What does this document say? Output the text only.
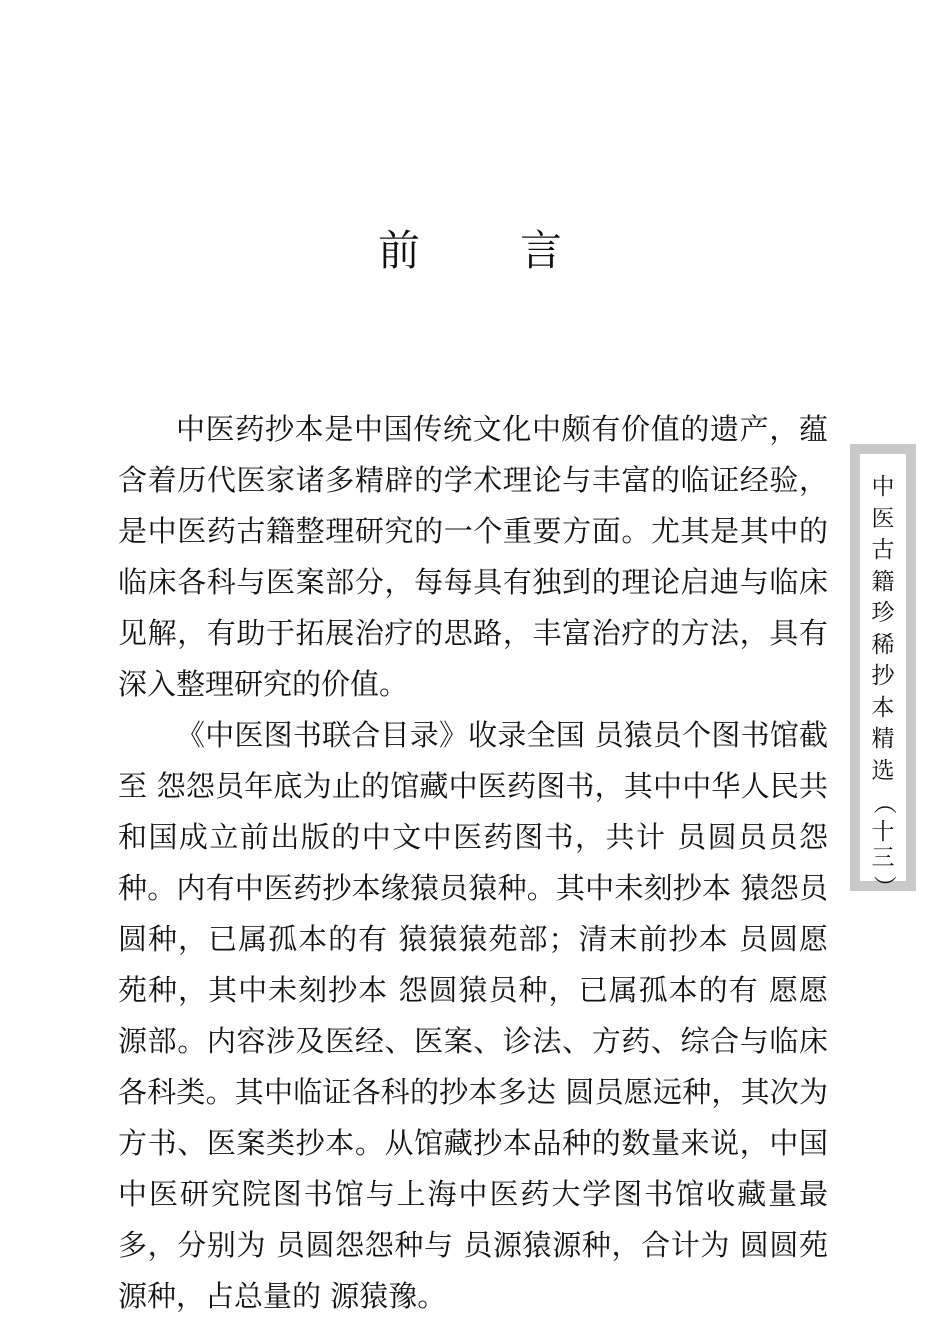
前 言

中医药抄本是中国传统文化中颇有价值的遗产，蕴含着历代医家诸多精辟的学术理论与丰富的临证经验，是中医药古籍整理研究的一个重要方面。尤其是其中的临床各科与医案部分，每每具有独到的理论启迪与临床见解，有助于拓展治疗的思路，丰富治疗的方法，具有深入整理研究的价值。

《中医图书联合目录》收录全国 员猿员个图书馆截至 怨怨员年底为止的馆藏中医药图书，其中中华人民共和国成立前出版的中文中医药图书，共计 员圆员员怨种。内有中医药抄本缘猿员猿种。其中未刻抄本 猿怨员圆种，已属孤本的有 猿猿猿苑部；清末前抄本 员圆愿苑种，其中未刻抄本 怨圆猿员种，已属孤本的有 愿愿源部。内容涉及医经、医案、诊法、方药、综合与临床各科类。其中临证各科的抄本多达 圆员愿远种，其次为方书、医案类抄本。从馆藏抄本品种的数量来说，中国中医研究院图书馆与上海中医药大学图书馆收藏量最多，分别为 员圆怨怨种与 员源猿源种，合计为 圆圆苑源种，占总量的 源猿豫。

中
医
古
籍
珍
稀
抄
本
精
选
（
十
三
）
